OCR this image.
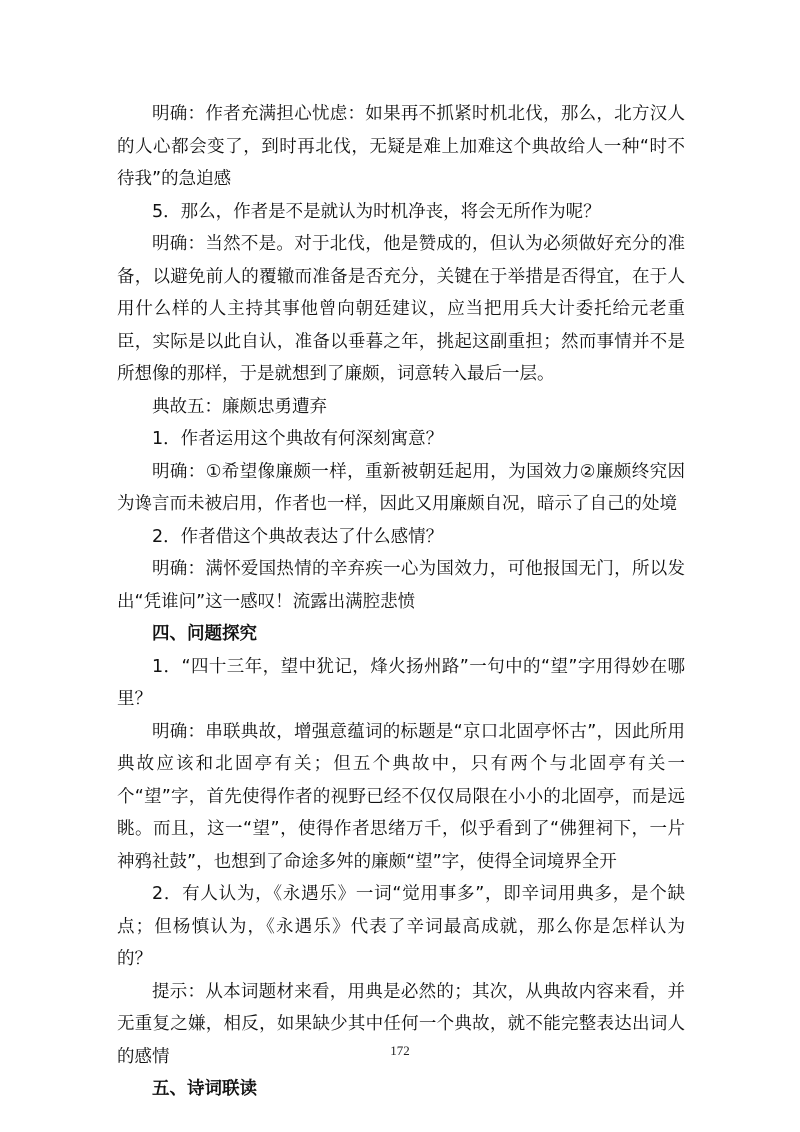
明确：作者充满担心忧虑：如果再不抓紧时机北伐，那么，北方汉人的人心都会变了，到时再北伐，无疑是难上加难这个典故给人一种“时不待我”的急迫感

5．那么，作者是不是就认为时机净丧，将会无所作为呢？

明确：当然不是。对于北伐，他是赞成的，但认为必须做好充分的准备，以避免前人的覆辙而准备是否充分，关键在于举措是否得宜，在于人用什么样的人主持其事他曾向朝廷建议，应当把用兵大计委托给元老重臣，实际是以此自认，准备以垂暮之年，挑起这副重担；然而事情并不是所想像的那样，于是就想到了廉颇，词意转入最后一层。

典故五：廉颇忠勇遭弃

1．作者运用这个典故有何深刻寓意？

明确：①希望像廉颇一样，重新被朝廷起用，为国效力②廉颇终究因为谗言而未被启用，作者也一样，因此又用廉颇自况，暗示了自己的处境

2．作者借这个典故表达了什么感情？

明确：满怀爱国热情的辛弃疾一心为国效力，可他报国无门，所以发出“凭谁问”这一感叹！流露出满腔悲愤

四、问题探究

1．“四十三年，望中犹记，烽火扬州路”一句中的“望”字用得妙在哪里？

明确：串联典故，增强意蕴词的标题是“京口北固亭怀古”，因此所用典故应该和北固亭有关；但五个典故中，只有两个与北固亭有关一个“望”字，首先使得作者的视野已经不仅仅局限在小小的北固亭，而是远眺。而且，这一“望”，使得作者思绪万千，似乎看到了“佛狸祠下，一片神鸦社鼓”，也想到了命途多舛的廉颇“望”字，使得全词境界全开

2．有人认为，《永遇乐》一词“觉用事多”，即辛词用典多，是个缺点；但杨慎认为，《永遇乐》代表了辛词最高成就，那么你是怎样认为的？

提示：从本词题材来看，用典是必然的；其次，从典故内容来看，并无重复之嫌，相反，如果缺少其中任何一个典故，就不能完整表达出词人的感情

五、诗词联读

172
